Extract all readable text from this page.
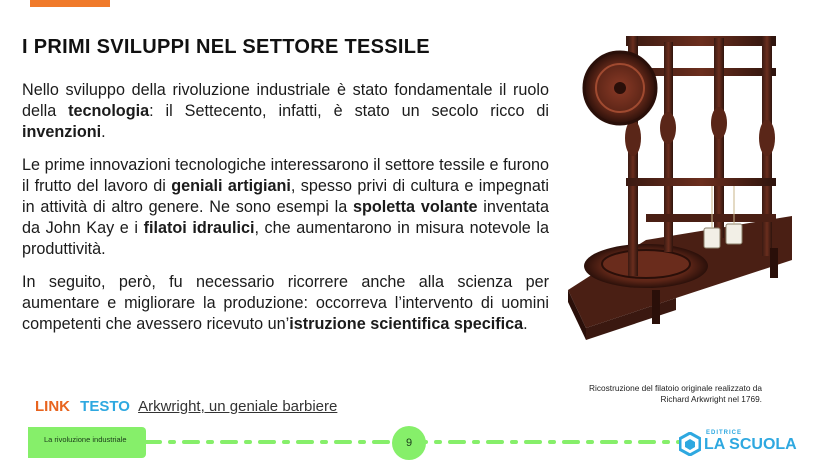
I PRIMI SVILUPPI NEL SETTORE TESSILE

Nello sviluppo della rivoluzione industriale è stato fondamentale il ruolo della tecnologia: il Settecento, infatti, è stato un secolo ricco di invenzioni.

Le prime innovazioni tecnologiche interessarono il settore tessile e furono il frutto del lavoro di geniali artigiani, spesso privi di cultura e impegnati in attività di altro genere. Ne sono esempi la spoletta volante inventata da John Kay e i filatoi idraulici, che aumentarono in misura notevole la produttività.

In seguito, però, fu necessario ricorrere anche alla scienza per aumentare e migliorare la produzione: occorreva l’intervento di uomini competenti che avessero ricevuto un’istruzione scientifica specifica.

Ricostruzione del filatoio originale realizzato da Richard Arkwright nel 1769.
LINK TESTO Arkwright, un geniale barbiere
La rivoluzione industriale	9
EDITRICE
LA SCUOLA
